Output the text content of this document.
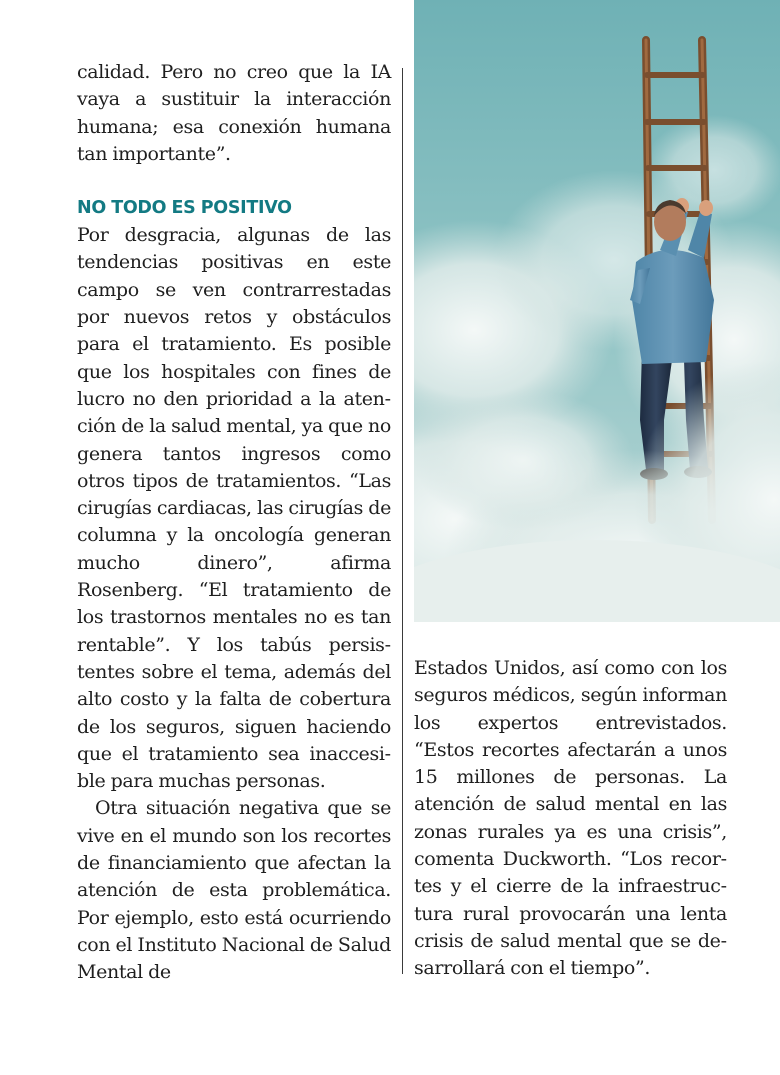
calidad. Pero no creo que la IA vaya a sustituir la interacción humana; esa conexión humana tan importante”.

NO TODO ES POSITIVO

Por desgracia, algunas de las tendencias positivas en este campo se ven contrarrestadas por nuevos retos y obstáculos para el tratamiento. Es posible que los hospitales con fines de lucro no den prioridad a la atención de la salud mental, ya que no genera tantos ingresos como otros tipos de tratamientos. “Las cirugías cardiacas, las cirugías de columna y la oncología generan mucho dinero”, afirma Rosenberg. “El tratamiento de los trastornos mentales no es tan rentable”. Y los tabús persistentes sobre el tema, además del alto costo y la falta de cobertura de los seguros, siguen haciendo que el tratamiento sea inaccesible para muchas personas.

Otra situación negativa que se vive en el mundo son los recortes de financiamiento que afectan la atención de esta problemática. Por ejemplo, esto está ocurriendo con el Instituto Nacional de Salud Mental de

Estados Unidos, así como con los seguros médicos, según informan los expertos entrevistados. “Estos recortes afectarán a unos 15 millones de personas. La atención de salud mental en las zonas rurales ya es una crisis”, comenta Duckworth. “Los recortes y el cierre de la infraestructura rural provocarán una lenta crisis de salud mental que se desarrollará con el tiempo”.
